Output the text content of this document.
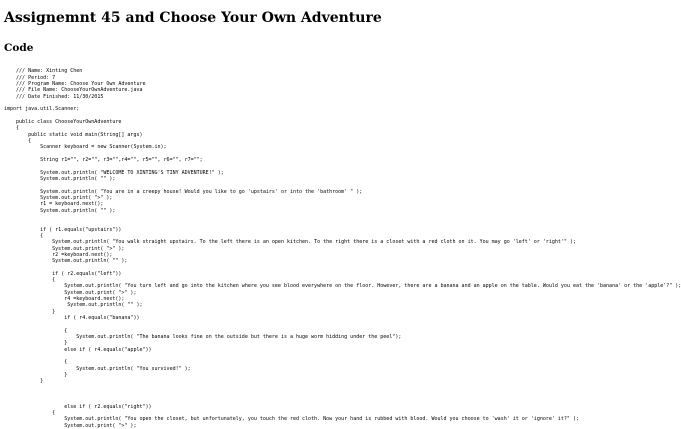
Assignemnt 45 and Choose Your Own Adventure
Code

/// Name: Xinting Chen
/// Period: 7
/// Program Name: Choose Your Own Adventure
/// File Name: ChooseYourOwnAdventure.java
/// Date Finished: 11/30/2015

import java.util.Scanner;

public class ChooseYourOwnAdventure
{
public static void main(String[] args)
{
Scanner keyboard = new Scanner(System.in);

String r1="", r2="", r3="",r4="", r5="", r6="", r7="";

System.out.println( "WELCOME TO XINTING'S TINY ADVENTURE!" );
System.out.println( "" );

System.out.println( "You are in a creepy house! Would you like to go 'upstairs' or into the 'bathroom' " );
System.out.print( ">" );
r1 = keyboard.next();
System.out.println( "" );

if ( r1.equals("upstairs"))
{
System.out.println( "You walk straight upstairs. To the left there is an open kitchen. To the right there is a closet with a red cloth on it. You may go 'left' or 'right'" );
System.out.print( ">" );
r2 =keyboard.next();
System.out.println( "" );

if ( r2.equals("left"))
{
System.out.println( "You turn left and go into the kitchen where you see blood everywhere on the floor. However, there are a banana and an apple on the table. Would you eat the 'banana' or the 'apple'?" );
System.out.print( ">" );
r4 =keyboard.next();
System.out.println( "" );
}
if ( r4.equals("banana"))

{
System.out.println( "The banana looks fine on the outside but there is a huge worm hidding under the peel");
}
else if ( r4.equals("apple"))

{
System.out.println( "You survived!" );
}
}

else if ( r2.equals("right"))
{
System.out.println( "You open the closet, but unfortunately, you touch the red cloth. Now your hand is rubbed with blood. Would you choose to 'wash' it or 'ignore' it?" );
System.out.print( ">" );
